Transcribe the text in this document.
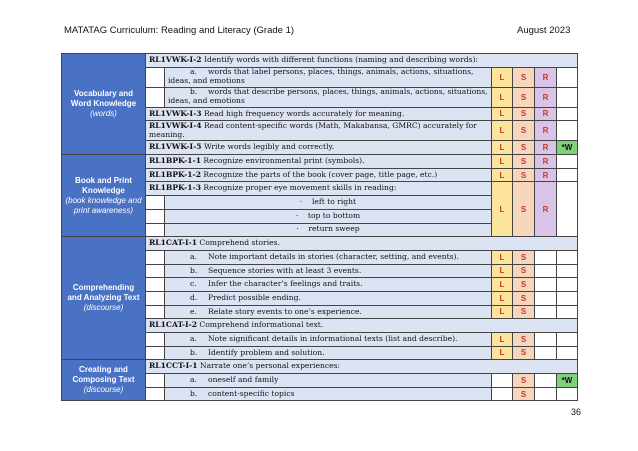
MATATAG Curriculum: Reading and Literacy (Grade 1)	August 2023
Vocabulary and Word Knowledge
(words)	RL1VWK-I-2 Identify words with different functions (naming and describing words):					
		a. words that label persons, places, things, animals, actions, situations, ideas, and emotions	L	S	R	
		b. words that describe persons, places, things, animals, actions, situations, ideas, and emotions	L	S	R	
	RL1VWK-I-3 Read high frequency words accurately for meaning.		L	S	R	
	RL1VWK-I-4 Read content-specific words (Math, Makabansa, GMRC) accurately for meaning.		L	S	R	
	RL1VWK-I-5 Write words legibly and correctly.		L	S	R	*W

Book and Print Knowledge
(book knowledge and print awareness)	RL1BPK-1-1 Recognize environmental print (symbols).		L	S	R	
	RL1BPK-1-2 Recognize the parts of the book (cover page, title page, etc.)		L	S	R	
	RL1BPK-1-3 Recognize proper eye movement skills in reading:		L	S	R	
		· left to right				
		· top to bottom				
		· return sweep				

Comprehending and Analyzing Text
(discourse)	RL1CAT-I-1 Comprehend stories.					
		a. Note important details in stories (character, setting, and events).	L	S		
		b. Sequence stories with at least 3 events.	L	S		
		c. Infer the character’s feelings and traits.	L	S		
		d. Predict possible ending.	L	S		
		e. Relate story events to one’s experience.	L	S		
	RL1CAT-I-2 Comprehend informational text.					
		a. Note significant details in informational texts (list and describe).	L	S		
		b. Identify problem and solution.	L	S		

Creating and Composing Text
(discourse)	RL1CCT-I-1 Narrate one’s personal experiences:					
		a. oneself and family		S		*W
		b. content-specific topics		S		
36
